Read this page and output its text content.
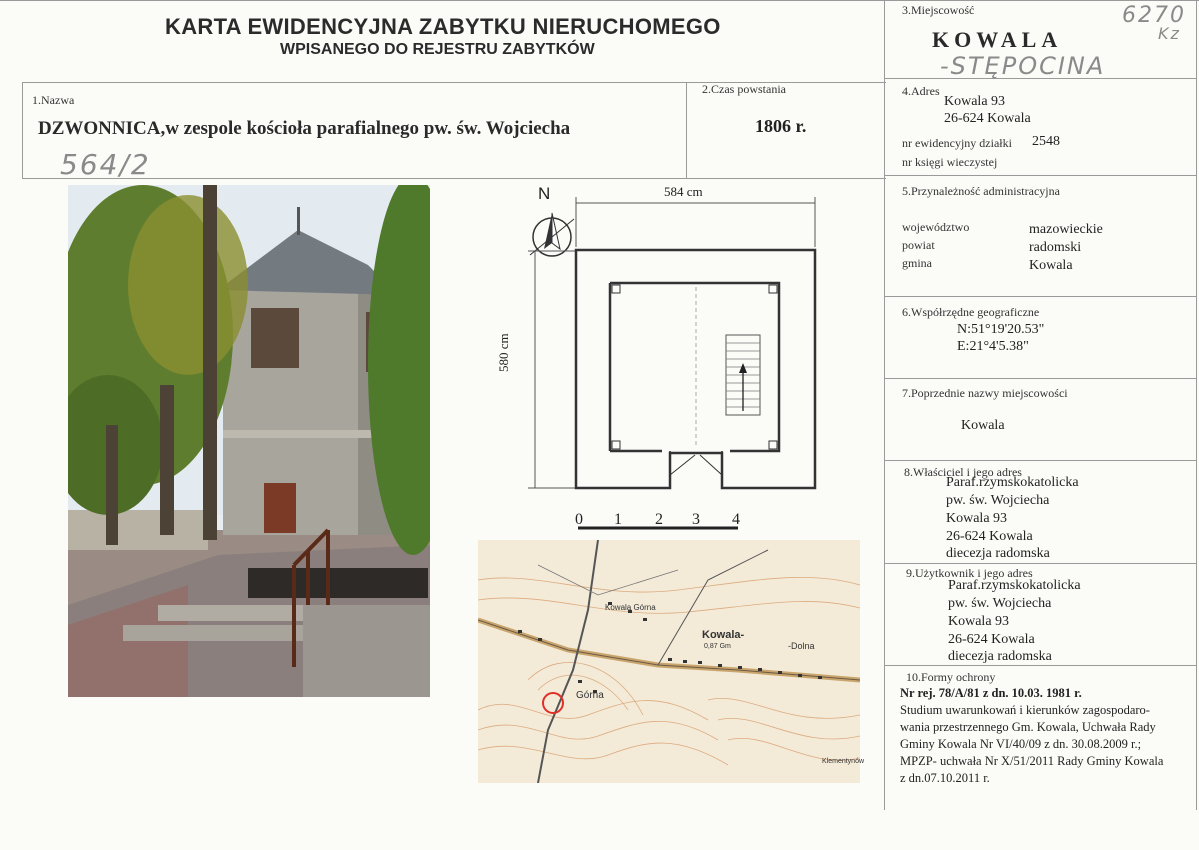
KARTA EWIDENCYJNA ZABYTKU NIERUCHOMEGO
WPISANEGO DO REJESTRU ZABYTKÓW
1.Nazwa
DZWONNICA,w zespole kościoła parafialnego pw. św. Wojciecha
564/2
2.Czas powstania
1806 r.
3.Miejscowość
KOWALA
6270
Kz
-STĘPOCINA
4.Adres
Kowala 93
26-624 Kowala
nr ewidencyjny działki 2548
nr księgi wieczystej
5.Przynależność administracyjna
województwo	mazowieckie
powiat	radomski
gmina	Kowala
6.Współrzędne geograficzne
N:51°19'20.53"
E:21°4'5.38"
7.Poprzednie nazwy miejscowości
Kowala
8.Właściciel i jego adres
Paraf.rzymskokatolicka
pw. św. Wojciecha
Kowala 93
26-624 Kowala
diecezja radomska
9.Użytkownik i jego adres
Paraf.rzymskokatolicka
pw. św. Wojciecha
Kowala 93
26-624 Kowala
diecezja radomska
10.Formy ochrony
Nr rej. 78/A/81 z dn. 10.03. 1981 r.
Studium uwarunkowań i kierunków zagospodaro-
wania przestrzennego Gm. Kowala, Uchwała Rady
Gminy Kowala Nr VI/40/09 z dn. 30.08.2009 r.;
MPZP- uchwała Nr X/51/2011 Rady Gminy Kowala
z dn.07.10.2011 r.
N	584 cm
580 cm
0 1 2 3 4
Kowala Górna
Kowala-
0,87 Gm	-Dolna
Górna
Klementynów
